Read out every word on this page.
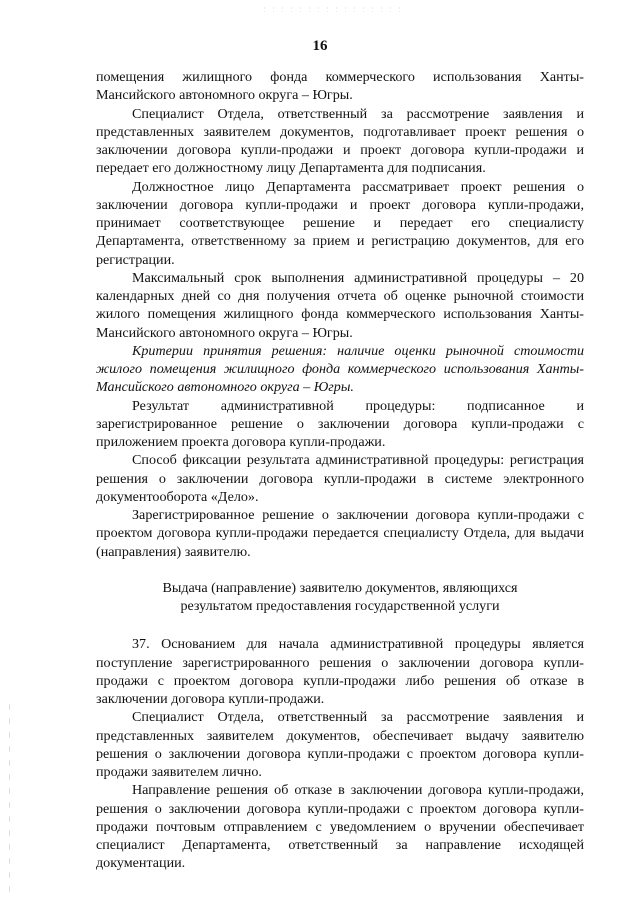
16

помещения жилищного фонда коммерческого использования Ханты-Мансийского автономного округа – Югры.

Специалист Отдела, ответственный за рассмотрение заявления и представленных заявителем документов, подготавливает проект решения о заключении договора купли-продажи и проект договора купли-продажи и передает его должностному лицу Департамента для подписания.

Должностное лицо Департамента рассматривает проект решения о заключении договора купли-продажи и проект договора купли-продажи, принимает соответствующее решение и передает его специалисту Департамента, ответственному за прием и регистрацию документов, для его регистрации.

Максимальный срок выполнения административной процедуры – 20 календарных дней со дня получения отчета об оценке рыночной стоимости жилого помещения жилищного фонда коммерческого использования Ханты-Мансийского автономного округа – Югры.

Критерии принятия решения: наличие оценки рыночной стоимости жилого помещения жилищного фонда коммерческого использования Ханты-Мансийского автономного округа – Югры.

Результат административной процедуры: подписанное и зарегистрированное решение о заключении договора купли-продажи с приложением проекта договора купли-продажи.

Способ фиксации результата административной процедуры: регистрация решения о заключении договора купли-продажи в системе электронного документооборота «Дело».

Зарегистрированное решение о заключении договора купли-продажи с проектом договора купли-продажи передается специалисту Отдела, для выдачи (направления) заявителю.

Выдача (направление) заявителю документов, являющихся
результатом предоставления государственной услуги

37. Основанием для начала административной процедуры является поступление зарегистрированного решения о заключении договора купли-продажи с проектом договора купли-продажи либо решения об отказе в заключении договора купли-продажи.

Специалист Отдела, ответственный за рассмотрение заявления и представленных заявителем документов, обеспечивает выдачу заявителю решения о заключении договора купли-продажи с проектом договора купли-продажи заявителем лично.

Направление решения об отказе в заключении договора купли-продажи, решения о заключении договора купли-продажи с проектом договора купли-продажи почтовым отправлением с уведомлением о вручении обеспечивает специалист Департамента, ответственный за направление исходящей документации.
